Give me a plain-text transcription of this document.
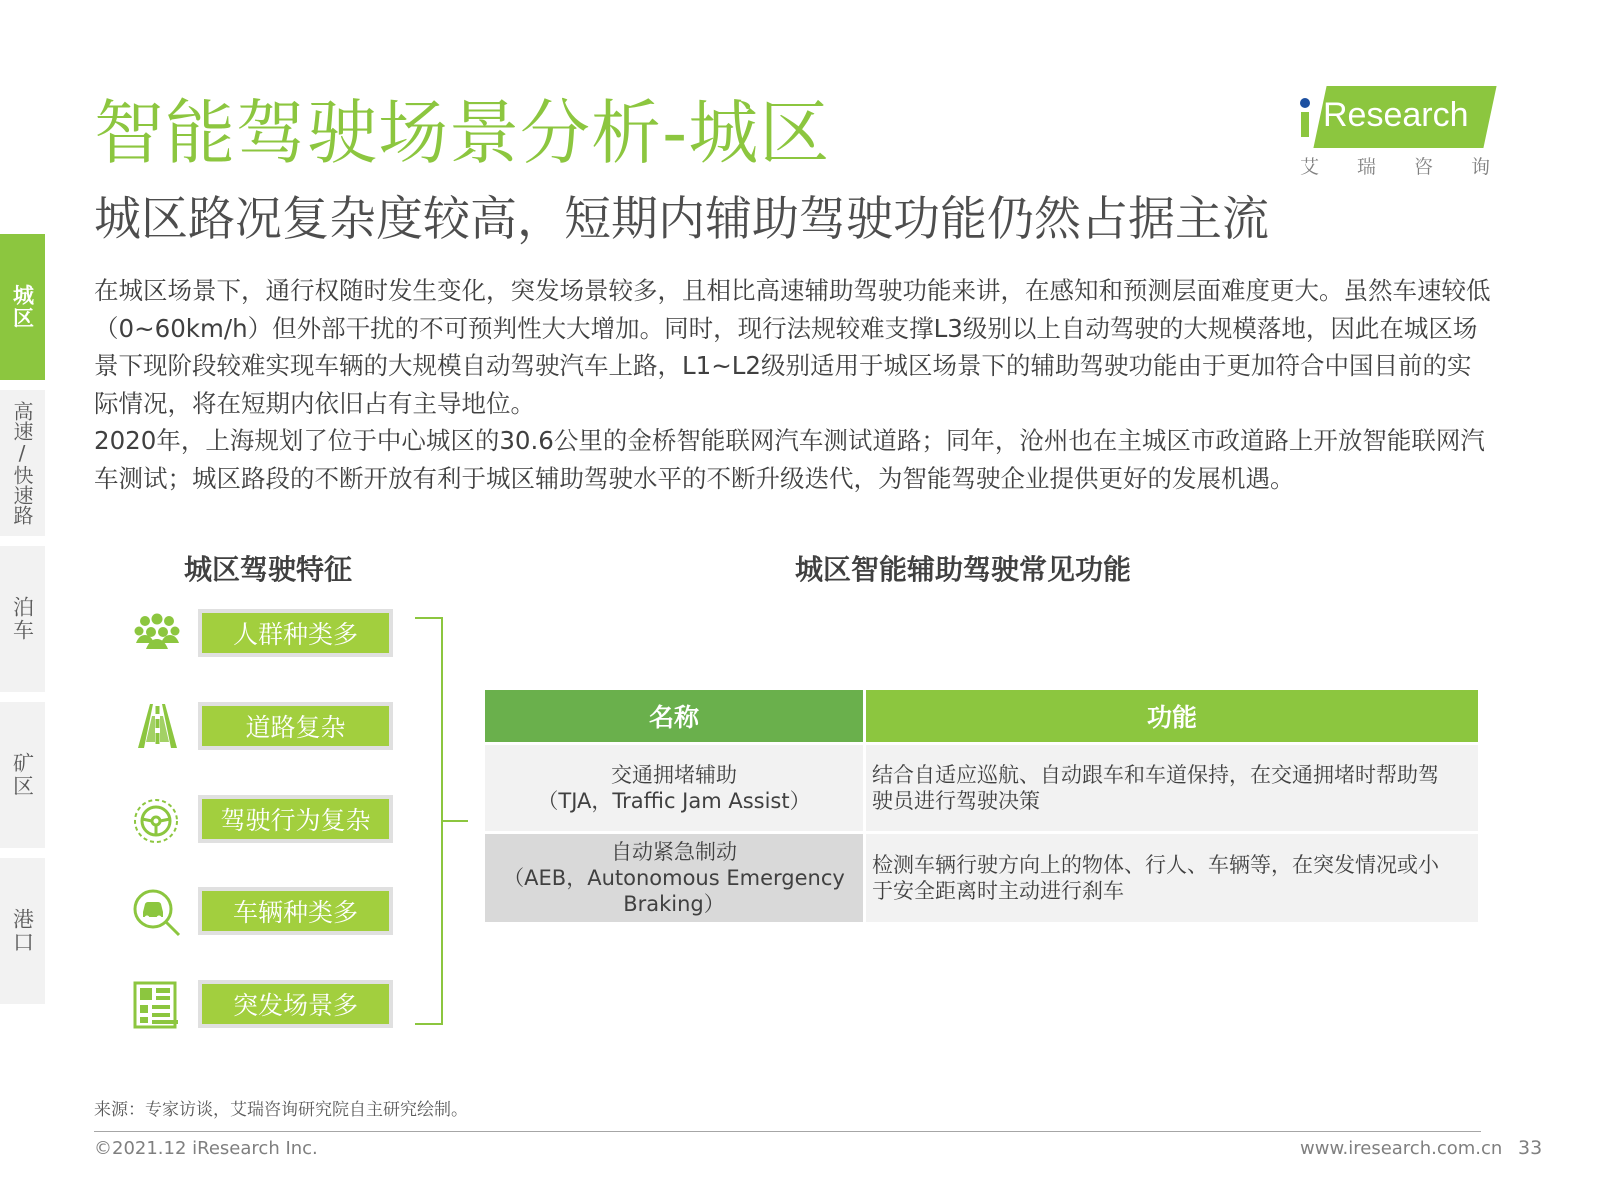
智能驾驶场景分析-城区
城区路况复杂度较高，短期内辅助驾驶功能仍然占据主流
Research
艾 瑞 咨 询
城区
高速/快速路
泊车
矿区
港口

在城区场景下，通行权随时发生变化，突发场景较多，且相比高速辅助驾驶功能来讲，在感知和预测层面难度更大。虽然车速较低（0~60km/h）但外部干扰的不可预判性大大增加。同时，现行法规较难支撑L3级别以上自动驾驶的大规模落地，因此在城区场景下现阶段较难实现车辆的大规模自动驾驶汽车上路，L1~L2级别适用于城区场景下的辅助驾驶功能由于更加符合中国目前的实际情况，将在短期内依旧占有主导地位。

2020年，上海规划了位于中心城区的30.6公里的金桥智能联网汽车测试道路；同年，沧州也在主城区市政道路上开放智能联网汽车测试；城区路段的不断开放有利于城区辅助驾驶水平的不断升级迭代，为智能驾驶企业提供更好的发展机遇。

城区驾驶特征	城区智能辅助驾驶常见功能
人群种类多
道路复杂
驾驶行为复杂
车辆种类多
突发场景多
名称	功能

交通拥堵辅助
（TJA，Traffic Jam Assist）	结合自适应巡航、自动跟车和车道保持，在交通拥堵时帮助驾驶员进行驾驶决策

自动紧急制动
（AEB，Autonomous Emergency Braking）	检测车辆行驶方向上的物体、行人、车辆等，在突发情况或小于安全距离时主动进行刹车
来源：专家访谈，艾瑞咨询研究院自主研究绘制。
©2021.12 iResearch Inc.	www.iresearch.com.cn 33
